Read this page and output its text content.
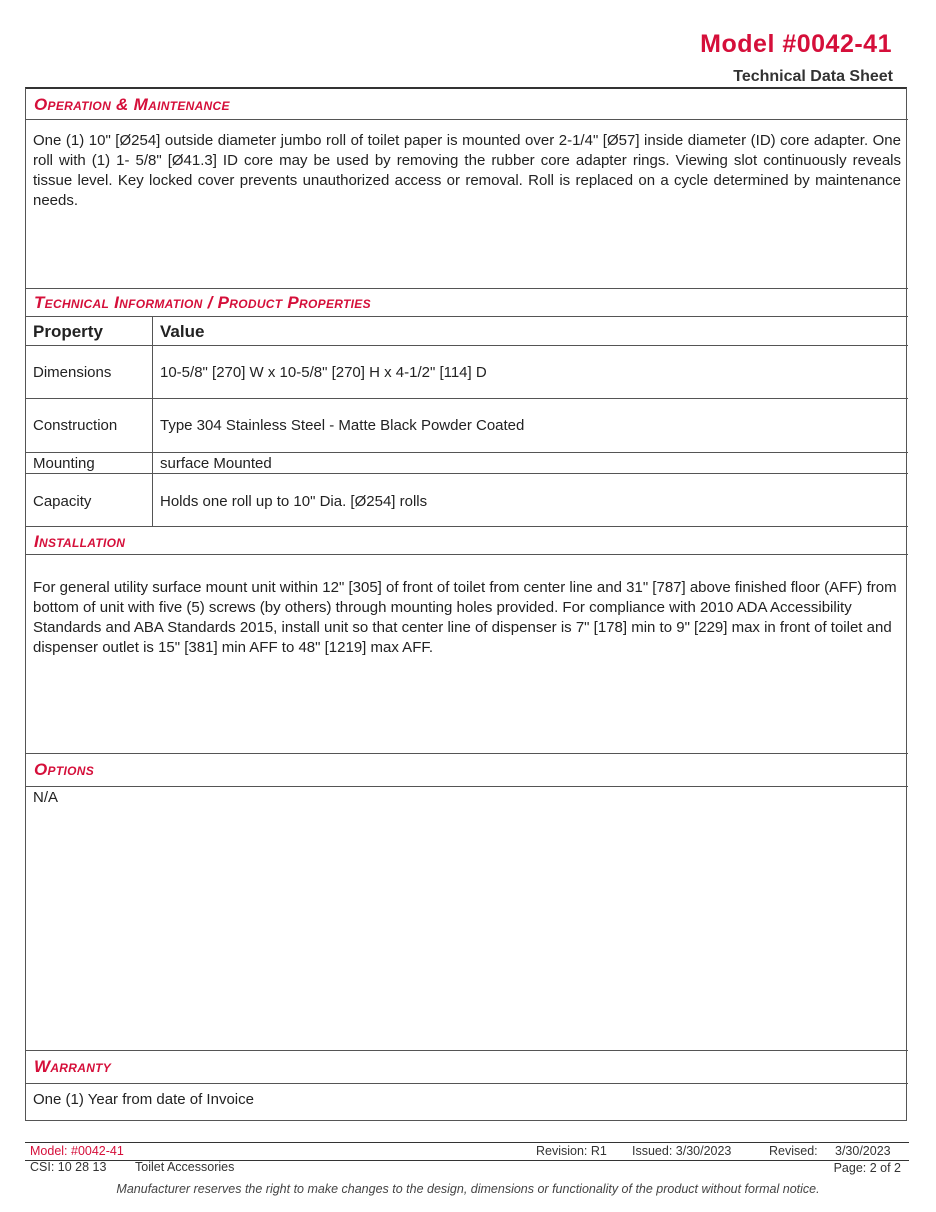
Model #0042-41
Technical Data Sheet
Operation & Maintenance
One (1) 10" [Ø254] outside diameter jumbo roll of toilet paper is mounted over 2-1/4" [Ø57] inside diameter (ID) core adapter. One roll with (1) 1- 5/8" [Ø41.3] ID core may be used by removing the rubber core adapter rings. Viewing slot continuously reveals tissue level. Key locked cover prevents unauthorized access or removal. Roll is replaced on a cycle determined by maintenance needs.
Technical Information / Product Properties
Property	Value
Dimensions	10-5/8" [270] W x 10-5/8" [270] H x 4-1/2" [114] D
Construction	Type 304 Stainless Steel - Matte Black Powder Coated
Mounting	surface Mounted
Capacity	Holds one roll up to 10" Dia. [Ø254] rolls
Installation
For general utility surface mount unit within 12" [305] of front of toilet from center line and 31" [787] above finished floor (AFF) from bottom of unit with five (5) screws (by others) through mounting holes provided. For compliance with 2010 ADA Accessibility Standards and ABA Standards 2015, install unit so that center line of dispenser is 7" [178] min to 9" [229] max in front of toilet and dispenser outlet is 15" [381] min AFF to 48" [1219] max AFF.
Options
N/A
Warranty
One (1) Year from date of Invoice
Model: #0042-41	Revision: R1 Issued: 3/30/2023	Revised: 3/30/2023
CSI: 10 28 13 Toilet Accessories	Page: 2 of 2
Manufacturer reserves the right to make changes to the design, dimensions or functionality of the product without formal notice.
